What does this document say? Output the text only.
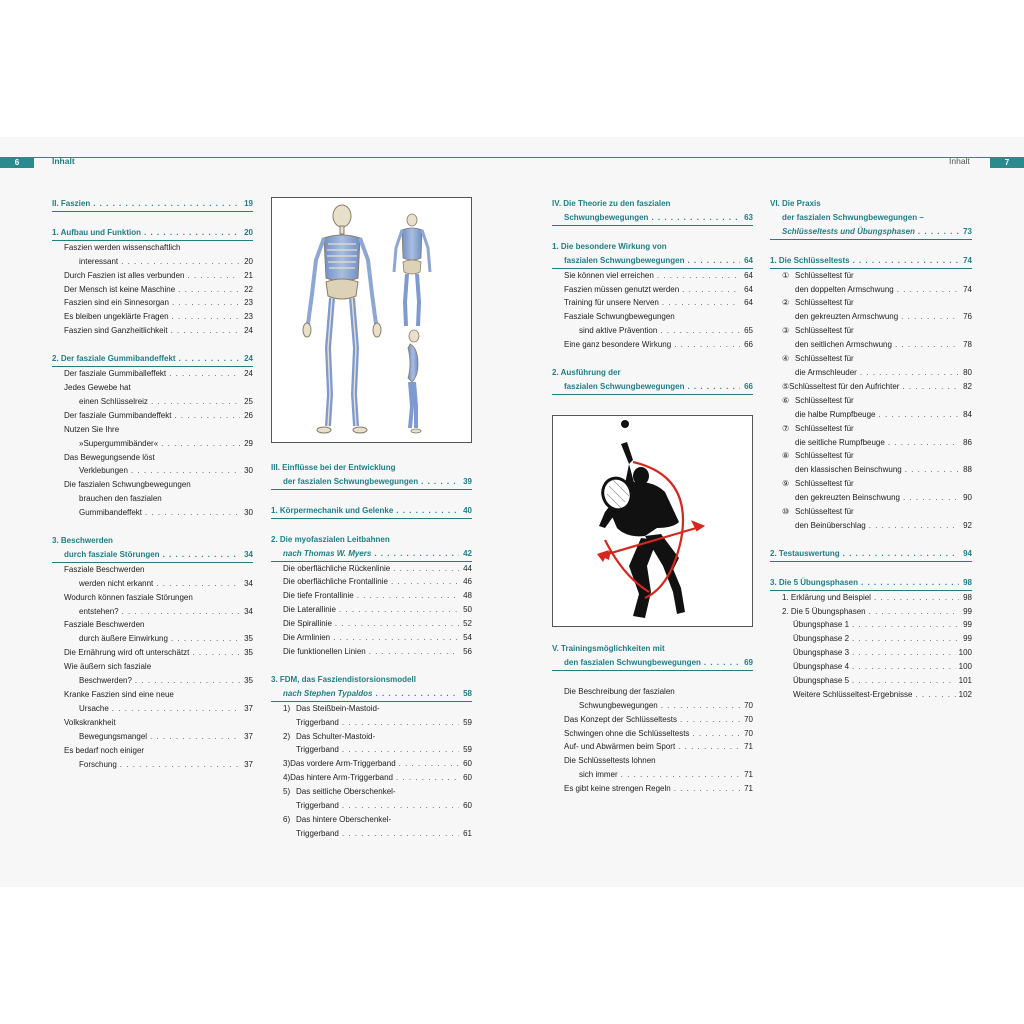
6	Inhalt	Inhalt	7
II. Faszien . . .	19
1. Aufbau und Funktion . . .	20
Faszien werden wissenschaftlich
interessant . . .	20
Durch Faszien ist alles verbunden . . .	21
Der Mensch ist keine Maschine . . .	22
Faszien sind ein Sinnesorgan . . .	23
Es bleiben ungeklärte Fragen . . .	23
Faszien sind Ganzheitlichkeit . . .	24
2. Der fasziale Gummibandeffekt . . .	24
Der fasziale Gummiballeffekt . . .	24
Jedes Gewebe hat
einen Schlüsselreiz . . .	25
Der fasziale Gummibandeffekt . . .	26
Nutzen Sie Ihre
»Supergummibänder« . . .	29
Das Bewegungsende löst
Verklebungen . . .	30
Die faszialen Schwungbewegungen
brauchen den faszialen
Gummibandeffekt . . .	30
3. Beschwerden
durch fasziale Störungen . . .	34
Fasziale Beschwerden
werden nicht erkannt . . .	34
Wodurch können fasziale Störungen
entstehen? . . .	34
Fasziale Beschwerden
durch äußere Einwirkung . . .	35
Die Ernährung wird oft unterschätzt . . .	35
Wie äußern sich fasziale
Beschwerden? . . .	35
Kranke Faszien sind eine neue
Ursache . . .	37
Volkskrankheit
Bewegungsmangel . . .	37
Es bedarf noch einiger
Forschung . . .	37
III. Einflüsse bei der Entwicklung
der faszialen Schwungbewegungen . . .	39
1. Körpermechanik und Gelenke . . .	40
2. Die myofaszialen Leitbahnen
nach Thomas W. Myers . . .	42
Die oberflächliche Rückenlinie . . .	44
Die oberflächliche Frontallinie . . .	46
Die tiefe Frontallinie . . .	48
Die Laterallinie . . .	50
Die Spirallinie . . .	52
Die Armlinien . . .	54
Die funktionellen Linien . . .	56
3. FDM, das Fasziendistorsionsmodell
nach Stephen Typaldos . . .	58
1) Das Steißbein-Mastoid-
Triggerband . . .	59
2) Das Schulter-Mastoid-
Triggerband . . .	59
3) Das vordere Arm-Triggerband . . .	60
4) Das hintere Arm-Triggerband . . .	60
5) Das seitliche Oberschenkel-
Triggerband . . .	60
6) Das hintere Oberschenkel-
Triggerband . . .	61
IV. Die Theorie zu den faszialen
Schwungbewegungen . . .	63
1. Die besondere Wirkung von
faszialen Schwungbewegungen . . .	64
Sie können viel erreichen . . .	64
Faszien müssen genutzt werden . . .	64
Training für unsere Nerven . . .	64
Fasziale Schwungbewegungen
sind aktive Prävention . . .	65
Eine ganz besondere Wirkung . . .	66
2. Ausführung der
faszialen Schwungbewegungen . . .	66
V. Trainingsmöglichkeiten mit
den faszialen Schwungbewegungen . . .	69
Die Beschreibung der faszialen
Schwungbewegungen . . .	70
Das Konzept der Schlüsseltests . . .	70
Schwingen ohne die Schlüsseltests . . .	70
Auf- und Abwärmen beim Sport . . .	71
Die Schlüsseltests lohnen
sich immer . . .	71
Es gibt keine strengen Regeln . . .	71
VI. Die Praxis
der faszialen Schwungbewegungen –
Schlüsseltests und Übungsphasen . . .	73
1. Die Schlüsseltests . . .	74
① Schlüsseltest für
den doppelten Armschwung . . .	74
② Schlüsseltest für
den gekreuzten Armschwung . . .	76
③ Schlüsseltest für
den seitlichen Armschwung . . .	78
④ Schlüsseltest für
die Armschleuder . . .	80
⑤ Schlüsseltest für den Aufrichter . . .	82
⑥ Schlüsseltest für
die halbe Rumpfbeuge . . .	84
⑦ Schlüsseltest für
die seitliche Rumpfbeuge . . .	86
⑧ Schlüsseltest für
den klassischen Beinschwung . . .	88
⑨ Schlüsseltest für
den gekreuzten Beinschwung . . .	90
⑩ Schlüsseltest für
den Beinüberschlag . . .	92
2. Testauswertung . . .	94
3. Die 5 Übungsphasen . . .	98
1. Erklärung und Beispiel . . .	98
2. Die 5 Übungsphasen . . .	99
Übungsphase 1 . . .	99
Übungsphase 2 . . .	99
Übungsphase 3 . . .	100
Übungsphase 4 . . .	100
Übungsphase 5 . . .	101
Weitere Schlüsseltest-Ergebnisse . . .	102
